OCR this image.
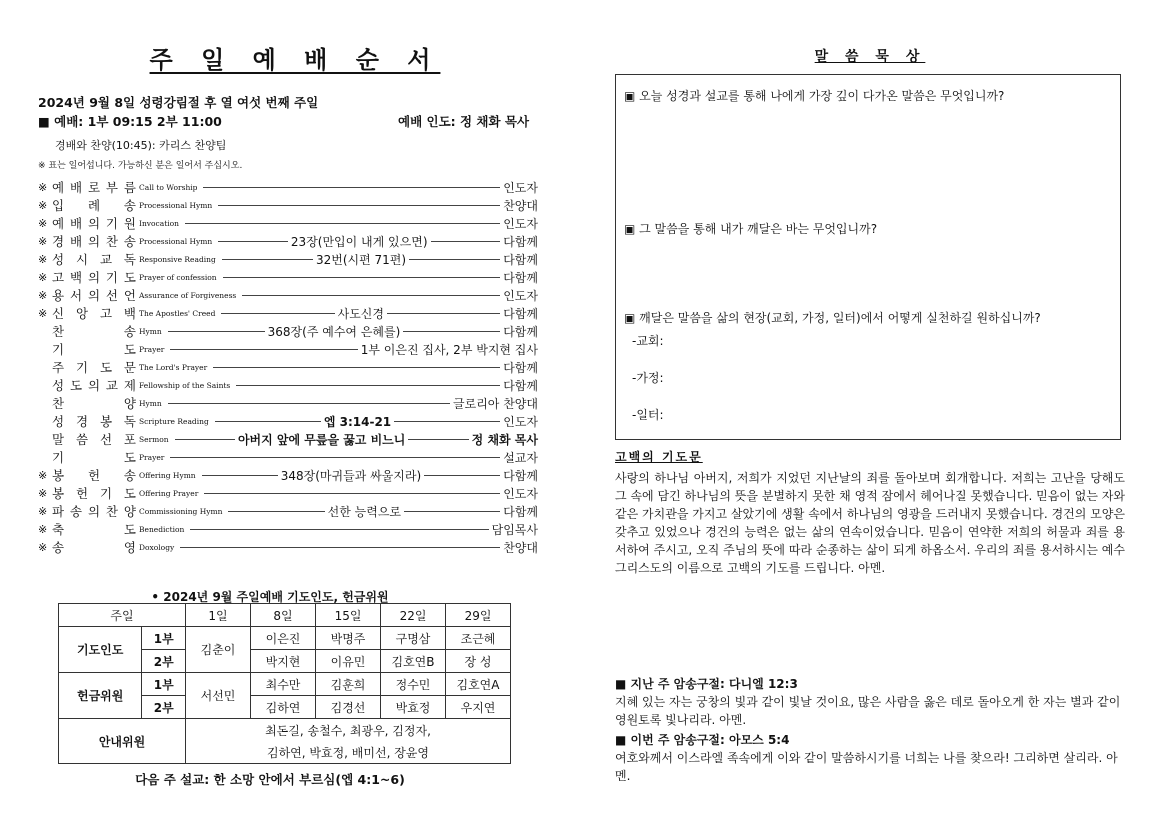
주 일 예 배 순 서
2024년 9월 8일 성령강림절 후 열 여섯 번째 주일
■ 예배: 1부 09:15 2부 11:00	예배 인도: 정 채화 목사
경배와 찬양(10:45): 카리스 찬양팀
※ 표는 일어섭니다. 가능하신 분은 일어서 주십시오.
※ 예 배 로 부 름 Call to Worship	인도자
※ 입 례 송 Processional Hymn	찬양대
※ 예 배 의 기 원 Invocation	인도자
※ 경 배 의 찬 송 Processional Hymn	23장(만입이 내게 있으면)	다함께
※ 성 시 교 독 Responsive Reading	32번(시편 71편)	다함께
※ 고 백 의 기 도 Prayer of confession	다함께
※ 용 서 의 선 언 Assurance of Forgiveness	인도자
※ 신 앙 고 백 The Apostles' Creed	사도신경	다함께
찬	송 Hymn	368장(주 예수여 은혜를)	다함께
기	도 Prayer	1부 이은진 집사, 2부 박지현 집사
주 기 도 문 The Lord's Prayer	다함께
성 도 의 교 제 Fellowship of the Saints	다함께
찬	양 Hymn	글로리아 찬양대
성 경 봉 독 Scripture Reading	엡 3:14-21	인도자
말 씀 선 포 Sermon	아버지 앞에 무릎을 꿇고 비느니	정 채화 목사
기	도 Prayer	설교자
※ 봉 헌 송 Offering Hymn	348장(마귀들과 싸울지라)	다함께
※ 봉 헌 기 도 Offering Prayer	인도자
※ 파 송 의 찬 양 Commissioning Hymn	선한 능력으로	다함께
※ 축	도 Benediction	담임목사
※ 송	영 Doxology	찬양대
• 2024년 9월 주일예배 기도인도, 헌금위원
주일		1일	8일	15일	22일	29일
기도인도	1부	김춘이	이은진	박명주	구명삼	조근혜
	2부		박지현	이유민	김호연B	장 성
헌금위원	1부	서선민	최수만	김훈희	정수민	김호연A
	2부		김하연	김경선	박효정	우지연
안내위원		최돈길, 송철수, 최광우, 김정자,				
		김하연, 박효정, 배미선, 장윤영				
다음 주 설교: 한 소망 안에서 부르심(엡 4:1~6)
말 씀 묵 상
▣ 오늘 성경과 설교를 통해 나에게 가장 깊이 다가온 말씀은 무엇입니까?
▣ 그 말씀을 통해 내가 깨달은 바는 무엇입니까?
▣ 깨달은 말씀을 삶의 현장(교회, 가정, 일터)에서 어떻게 실천하길 원하십니까?
-교회:
-가정:
-일터:
고백의 기도문
사랑의 하나님 아버지, 저희가 지었던 지난날의 죄를 돌아보며 회개합니다. 저희는 고난을 당해도 그 속에 담긴 하나님의 뜻을 분별하지 못한 채 영적 잠에서 헤어나질 못했습니다. 믿음이 없는 자와 같은 가치관을 가지고 살았기에 생활 속에서 하나님의 영광을 드러내지 못했습니다. 경건의 모양은 갖추고 있었으나 경건의 능력은 없는 삶의 연속이었습니다. 믿음이 연약한 저희의 허물과 죄를 용서하여 주시고, 오직 주님의 뜻에 따라 순종하는 삶이 되게 하옵소서. 우리의 죄를 용서하시는 예수 그리스도의 이름으로 고백의 기도를 드립니다. 아멘.
■ 지난 주 암송구절: 다니엘 12:3
지혜 있는 자는 궁창의 빛과 같이 빛날 것이요, 많은 사람을 옳은 데로 돌아오게 한 자는 별과 같이 영원토록 빛나리라. 아멘.
■ 이번 주 암송구절: 아모스 5:4
여호와께서 이스라엘 족속에게 이와 같이 말씀하시기를 너희는 나를 찾으라! 그리하면 살리라. 아멘.
